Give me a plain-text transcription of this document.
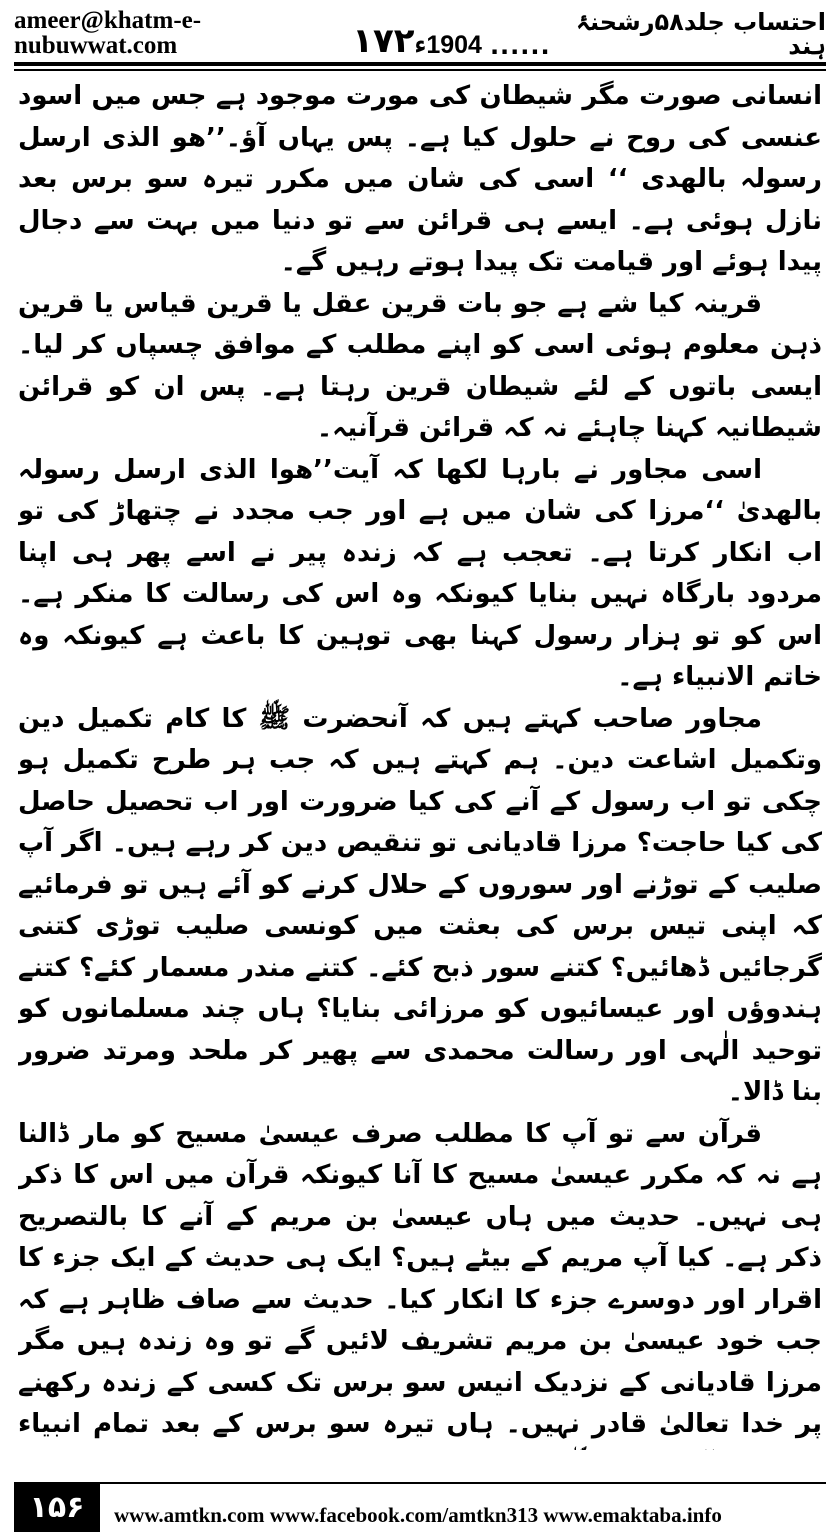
ameer@khatm-e-nubuwwat.com	۱۷۲	احتساب جلد۵۸رشحنۂ ہند
......
1904ء

انسانی صورت مگر شیطان کی مورت موجود ہے جس میں اسود عنسی کی روح نے حلول کیا ہے۔ پس یہاں آؤ۔’’ھو الذی ارسل رسولہ بالھدی ‘‘ اسی کی شان میں مکرر تیرہ سو برس بعد نازل ہوئی ہے۔ ایسے ہی قرائن سے تو دنیا میں بہت سے دجال پیدا ہوئے اور قیامت تک پیدا ہوتے رہیں گے۔

قرینہ کیا شے ہے جو بات قرین عقل یا قرین قیاس یا قرین ذہن معلوم ہوئی اسی کو اپنے مطلب کے موافق چسپاں کر لیا۔ ایسی باتوں کے لئے شیطان قرین رہتا ہے۔ پس ان کو قرائن شیطانیہ کہنا چاہئے نہ کہ قرائن قرآنیہ۔

اسی مجاور نے بارہا لکھا کہ آیت’’ھوا الذی ارسل رسولہ بالھدیٰ ‘‘مرزا کی شان میں ہے اور جب مجدد نے چتھاڑ کی تو اب انکار کرتا ہے۔ تعجب ہے کہ زندہ پیر نے اسے پھر ہی اپنا مردود بارگاہ نہیں بنایا کیونکہ وہ اس کی رسالت کا منکر ہے۔ اس کو تو ہزار رسول کہنا بھی توہین کا باعث ہے کیونکہ وہ خاتم الانبیاء ہے۔

مجاور صاحب کہتے ہیں کہ آنحضرت ﷺ کا کام تکمیل دین وتکمیل اشاعت دین۔ ہم کہتے ہیں کہ جب ہر طرح تکمیل ہو چکی تو اب رسول کے آنے کی کیا ضرورت اور اب تحصیل حاصل کی کیا حاجت؟ مرزا قادیانی تو تنقیص دین کر رہے ہیں۔ اگر آپ صلیب کے توڑنے اور سوروں کے حلال کرنے کو آئے ہیں تو فرمائیے کہ اپنی تیس برس کی بعثت میں کونسی صلیب توڑی کتنی گرجائیں ڈھائیں؟ کتنے سور ذبح کئے۔ کتنے مندر مسمار کئے؟ کتنے ہندوؤں اور عیسائیوں کو مرزائی بنایا؟ ہاں چند مسلمانوں کو توحید الٰہی اور رسالت محمدی سے پھیر کر ملحد ومرتد ضرور بنا ڈالا۔

قرآن سے تو آپ کا مطلب صرف عیسیٰ مسیح کو مار ڈالنا ہے نہ کہ مکرر عیسیٰ مسیح کا آنا کیونکہ قرآن میں اس کا ذکر ہی نہیں۔ حدیث میں ہاں عیسیٰ بن مریم کے آنے کا بالتصریح ذکر ہے۔ کیا آپ مریم کے بیٹے ہیں؟ ایک ہی حدیث کے ایک جزء کا اقرار اور دوسرے جزء کا انکار کیا۔ حدیث سے صاف ظاہر ہے کہ جب خود عیسیٰ بن مریم تشریف لائیں گے تو وہ زندہ ہیں مگر مرزا قادیانی کے نزدیک انیس سو برس تک کسی کے زندہ رکھنے پر خدا تعالیٰ قادر نہیں۔ ہاں تیرہ سو برس کے بعد تمام انبیاء

۱۵۶	www.amtkn.com www.facebook.com/amtkn313 www.emaktaba.info
